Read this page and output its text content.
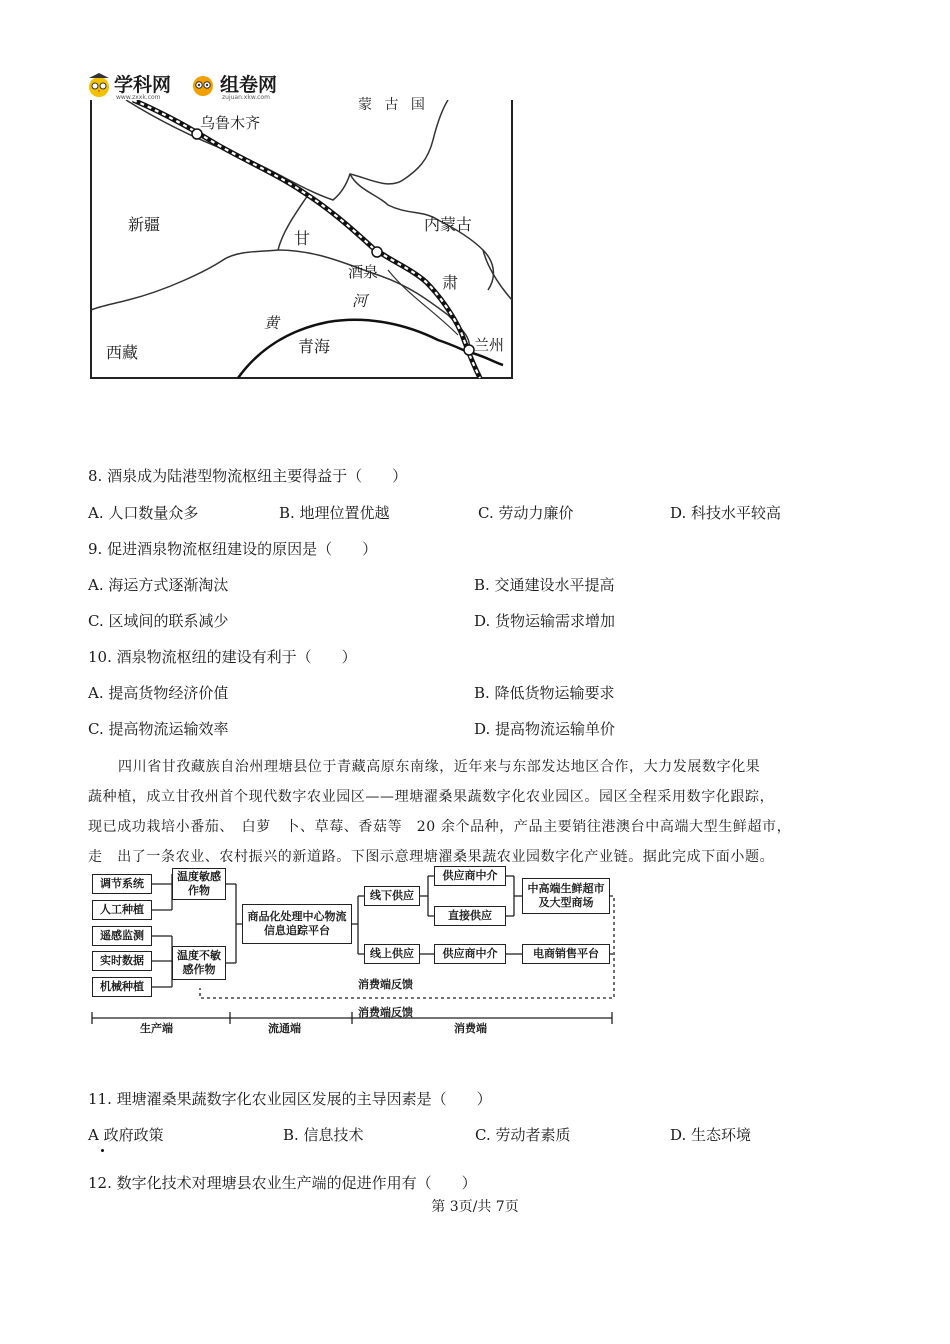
学科网
www.zxxk.com
组卷网
zujuan.xkw.com	蒙 古 国
乌鲁木齐
新疆
甘
内蒙古
酒泉
肃
河
黄
青海
西藏	兰州
8. 酒泉成为陆港型物流枢纽主要得益于（　　）
A. 人口数量众多	B. 地理位置优越	C. 劳动力廉价	D. 科技水平较高
9. 促进酒泉物流枢纽建设的原因是（　　）
A. 海运方式逐渐淘汰	B. 交通建设水平提高
C. 区域间的联系减少	D. 货物运输需求增加
10. 酒泉物流枢纽的建设有利于（　　）
A. 提高货物经济价值	B. 降低货物运输要求
C. 提高物流运输效率	D. 提高物流运输单价
四川省甘孜藏族自治州理塘县位于青藏高原东南缘，近年来与东部发达地区合作，大力发展数字化果
蔬种植，成立甘孜州首个现代数字农业园区——理塘濯桑果蔬数字化农业园区。园区全程采用数字化跟踪，
现已成功栽培小番茄、　白萝　卜、草莓、香菇等　20 余个品种，产品主要销往港澳台中高端大型生鲜超市，
走　出了一条农业、农村振兴的新道路。下图示意理塘濯桑果蔬农业园数字化产业链。据此完成下面小题。
调节系统
人工种植
遥感监测
实时数据
机械种植
温度敏感作物
温度不敏感作物
商品化处理中心物流信息追踪平台
线下供应
线上供应
供应商中介
直接供应
供应商中介
中高端生鲜超市及大型商场
电商销售平台
消费端反馈
消费端反馈
生产端	流通端	消费端
11. 理塘濯桑果蔬数字化农业园区发展的主导因素是（　　）
A 政府政策	B. 信息技术	C. 劳动者素质	D. 生态环境
12. 数字化技术对理塘县农业生产端的促进作用有（　　）
第 3页/共 7页
